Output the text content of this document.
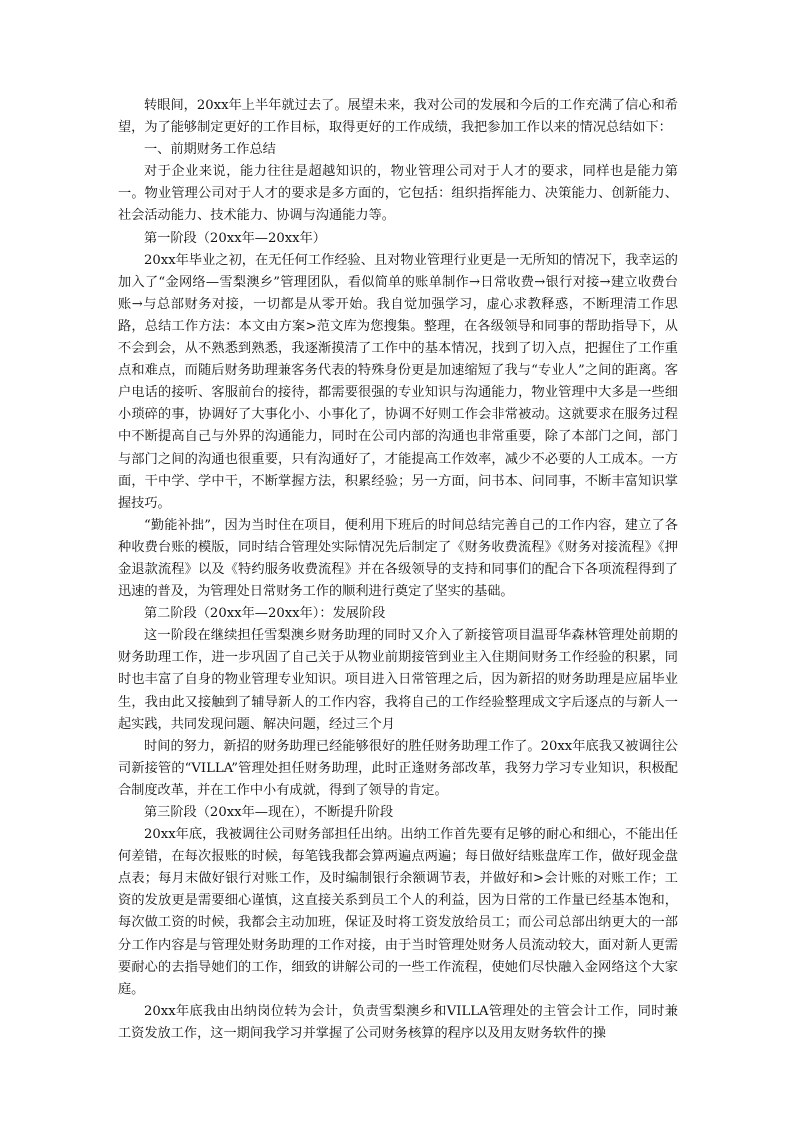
转眼间，20xx年上半年就过去了。展望未来，我对公司的发展和今后的工作充满了信心和希望，为了能够制定更好的工作目标，取得更好的工作成绩，我把参加工作以来的情况总结如下：

一、前期财务工作总结

对于企业来说，能力往往是超越知识的，物业管理公司对于人才的要求，同样也是能力第一。物业管理公司对于人才的要求是多方面的，它包括：组织指挥能力、决策能力、创新能力、社会活动能力、技术能力、协调与沟通能力等。

第一阶段（20xx年—20xx年）

20xx年毕业之初，在无任何工作经验、且对物业管理行业更是一无所知的情况下，我幸运的加入了“金网络—雪梨澳乡”管理团队，看似简单的账单制作→日常收费→银行对接→建立收费台账→与总部财务对接，一切都是从零开始。我自觉加强学习，虚心求教释惑，不断理清工作思路，总结工作方法：本文由方案>范文库为您搜集。整理，在各级领导和同事的帮助指导下，从不会到会，从不熟悉到熟悉，我逐渐摸清了工作中的基本情况，找到了切入点，把握住了工作重点和难点，而随后财务助理兼客务代表的特殊身份更是加速缩短了我与“专业人”之间的距离。客户电话的接听、客服前台的接待，都需要很强的专业知识与沟通能力，物业管理中大多是一些细小琐碎的事，协调好了大事化小、小事化了，协调不好则工作会非常被动。这就要求在服务过程中不断提高自己与外界的沟通能力，同时在公司内部的沟通也非常重要，除了本部门之间，部门与部门之间的沟通也很重要，只有沟通好了，才能提高工作效率，减少不必要的人工成本。一方面，干中学、学中干，不断掌握方法，积累经验；另一方面，问书本、问同事，不断丰富知识掌握技巧。

“勤能补拙”，因为当时住在项目，便利用下班后的时间总结完善自己的工作内容，建立了各种收费台账的模版，同时结合管理处实际情况先后制定了《财务收费流程》《财务对接流程》《押金退款流程》以及《特约服务收费流程》并在各级领导的支持和同事们的配合下各项流程得到了迅速的普及，为管理处日常财务工作的顺利进行奠定了坚实的基础。

第二阶段（20xx年—20xx年）：发展阶段

这一阶段在继续担任雪梨澳乡财务助理的同时又介入了新接管项目温哥华森林管理处前期的财务助理工作，进一步巩固了自己关于从物业前期接管到业主入住期间财务工作经验的积累，同时也丰富了自身的物业管理专业知识。项目进入日常管理之后，因为新招的财务助理是应届毕业生，我由此又接触到了辅导新人的工作内容，我将自己的工作经验整理成文字后逐点的与新人一起实践，共同发现问题、解决问题，经过三个月

时间的努力，新招的财务助理已经能够很好的胜任财务助理工作了。20xx年底我又被调往公司新接管的“VILLA”管理处担任财务助理，此时正逢财务部改革，我努力学习专业知识，积极配合制度改革，并在工作中小有成就，得到了领导的肯定。

第三阶段（20xx年—现在），不断提升阶段

20xx年底，我被调往公司财务部担任出纳。出纳工作首先要有足够的耐心和细心，不能出任何差错，在每次报账的时候，每笔钱我都会算两遍点两遍；每日做好结账盘库工作，做好现金盘点表；每月末做好银行对账工作，及时编制银行余额调节表，并做好和>会计账的对账工作；工资的发放更是需要细心谨慎，这直接关系到员工个人的利益，因为日常的工作量已经基本饱和，每次做工资的时候，我都会主动加班，保证及时将工资发放给员工；而公司总部出纳更大的一部分工作内容是与管理处财务助理的工作对接，由于当时管理处财务人员流动较大，面对新人更需要耐心的去指导她们的工作，细致的讲解公司的一些工作流程，使她们尽快融入金网络这个大家庭。

20xx年底我由出纳岗位转为会计，负责雪梨澳乡和VILLA管理处的主管会计工作，同时兼工资发放工作，这一期间我学习并掌握了公司财务核算的程序以及用友财务软件的操
